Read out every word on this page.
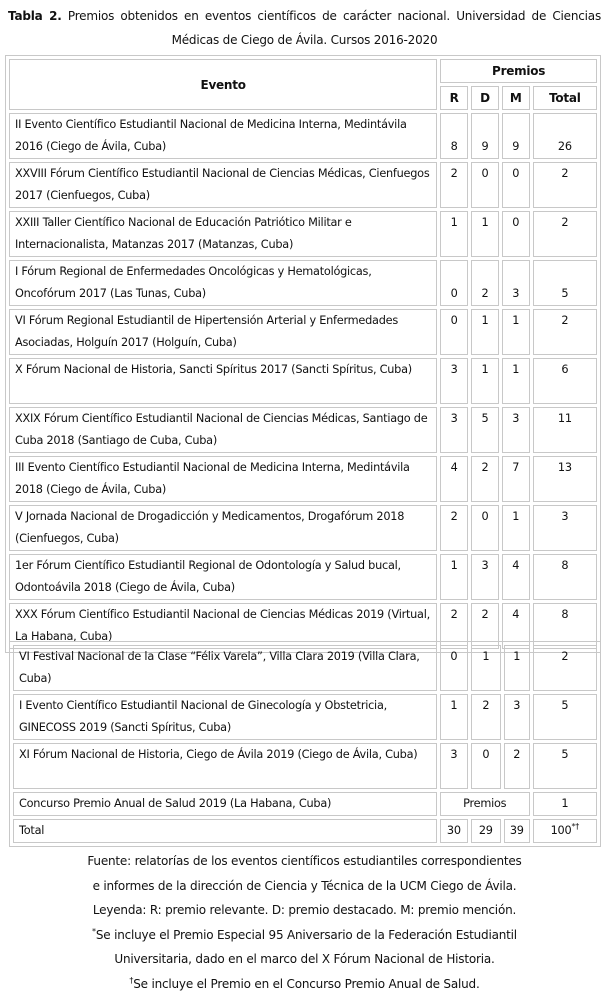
Tabla 2. Premios obtenidos en eventos científicos de carácter nacional. Universidad de Ciencias Médicas de Ciego de Ávila. Cursos 2016-2020
Evento	Premios			
	R	D	M	Total
II Evento Científico Estudiantil Nacional de Medicina Interna, Medintávila 2016 (Ciego de Ávila, Cuba)	8	9	9	26
XXVIII Fórum Científico Estudiantil Nacional de Ciencias Médicas, Cienfuegos 2017 (Cienfuegos, Cuba)	2	0	0	2
XXIII Taller Científico Nacional de Educación Patriótico Militar e Internacionalista, Matanzas 2017 (Matanzas, Cuba)	1	1	0	2
I Fórum Regional de Enfermedades Oncológicas y Hematológicas, Oncofórum 2017 (Las Tunas, Cuba)	0	2	3	5
VI Fórum Regional Estudiantil de Hipertensión Arterial y Enfermedades Asociadas, Holguín 2017 (Holguín, Cuba)	0	1	1	2
X Fórum Nacional de Historia, Sancti Spíritus 2017 (Sancti Spíritus, Cuba)	3	1	1	6
XXIX Fórum Científico Estudiantil Nacional de Ciencias Médicas, Santiago de Cuba 2018 (Santiago de Cuba, Cuba)	3	5	3	11
III Evento Científico Estudiantil Nacional de Medicina Interna, Medintávila 2018 (Ciego de Ávila, Cuba)	4	2	7	13
V Jornada Nacional de Drogadicción y Medicamentos, Drogafórum 2018 (Cienfuegos, Cuba)	2	0	1	3
1er Fórum Científico Estudiantil Regional de Odontología y Salud bucal, Odontoávila 2018 (Ciego de Ávila, Cuba)	1	3	4	8
XXX Fórum Científico Estudiantil Nacional de Ciencias Médicas 2019 (Virtual, La Habana, Cuba)	2	2	4	8
VI Festival Nacional de la Clase “Félix Varela”, Villa Clara 2019 (Villa Clara, Cuba)	0	1	1	2
I Evento Científico Estudiantil Nacional de Ginecología y Obstetricia, GINECOSS 2019 (Sancti Spíritus, Cuba)	1	2	3	5
XI Fórum Nacional de Historia, Ciego de Ávila 2019 (Ciego de Ávila, Cuba)	3	0	2	5
Concurso Premio Anual de Salud 2019 (La Habana, Cuba)	Premios			1
Total	30	29	39	100*†
Fuente: relatorías de los eventos científicos estudiantiles correspondientes
e informes de la dirección de Ciencia y Técnica de la UCM Ciego de Ávila.
Leyenda: R: premio relevante. D: premio destacado. M: premio mención.
*Se incluye el Premio Especial 95 Aniversario de la Federación Estudiantil
Universitaria, dado en el marco del X Fórum Nacional de Historia.
†Se incluye el Premio en el Concurso Premio Anual de Salud.
